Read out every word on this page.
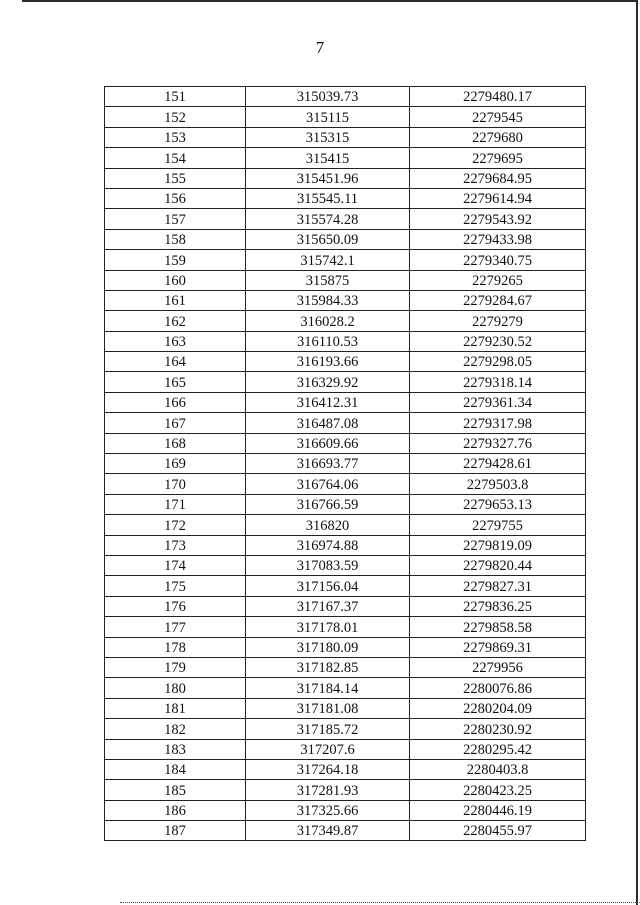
7
151	315039.73	2279480.17
152	315115	2279545
153	315315	2279680
154	315415	2279695
155	315451.96	2279684.95
156	315545.11	2279614.94
157	315574.28	2279543.92
158	315650.09	2279433.98
159	315742.1	2279340.75
160	315875	2279265
161	315984.33	2279284.67
162	316028.2	2279279
163	316110.53	2279230.52
164	316193.66	2279298.05
165	316329.92	2279318.14
166	316412.31	2279361.34
167	316487.08	2279317.98
168	316609.66	2279327.76
169	316693.77	2279428.61
170	316764.06	2279503.8
171	316766.59	2279653.13
172	316820	2279755
173	316974.88	2279819.09
174	317083.59	2279820.44
175	317156.04	2279827.31
176	317167.37	2279836.25
177	317178.01	2279858.58
178	317180.09	2279869.31
179	317182.85	2279956
180	317184.14	2280076.86
181	317181.08	2280204.09
182	317185.72	2280230.92
183	317207.6	2280295.42
184	317264.18	2280403.8
185	317281.93	2280423.25
186	317325.66	2280446.19
187	317349.87	2280455.97
